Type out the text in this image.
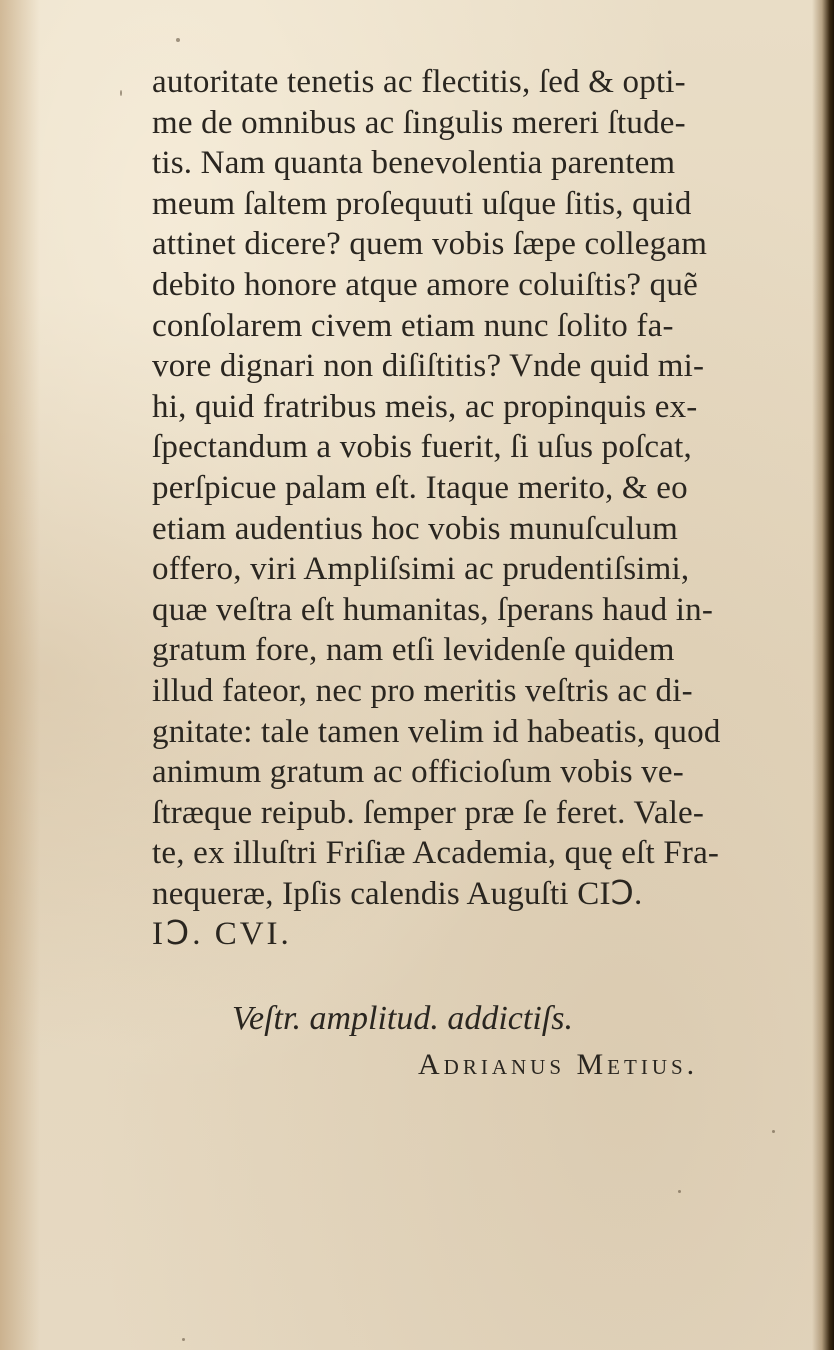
autoritate tenetis ac flectitis, ſed & opti-
me de omnibus ac ſingulis mereri ſtude-
tis. Nam quanta benevolentia parentem
meum ſaltem proſequuti uſque ſitis, quid
attinet dicere? quem vobis ſæpe collegam
debito honore atque amore coluiſtis? quẽ
conſolarem civem etiam nunc ſolito fa-
vore dignari non diſiſtitis? Vnde quid mi-
hi, quid fratribus meis, ac propinquis ex-
ſpectandum a vobis fuerit, ſi uſus poſcat,
perſpicue palam eſt. Itaque merito, & eo
etiam audentius hoc vobis munuſculum
offero, viri Ampliſsimi ac prudentiſsimi,
quæ veſtra eſt humanitas, ſperans haud in-
gratum fore, nam etſi levidenſe quidem
illud fateor, nec pro meritis veſtris ac di-
gnitate: tale tamen velim id habeatis, quod
animum gratum ac officioſum vobis ve-
ſtræque reipub. ſemper præ ſe feret. Vale-
te, ex illuſtri Friſiæ Academia, quę eſt Fra-
nequeræ, Ipſis calendis Auguſti CIↃ.
IↃ. CVI.
Veſtr. amplitud. addictiſs.
Adrianus Metius.
